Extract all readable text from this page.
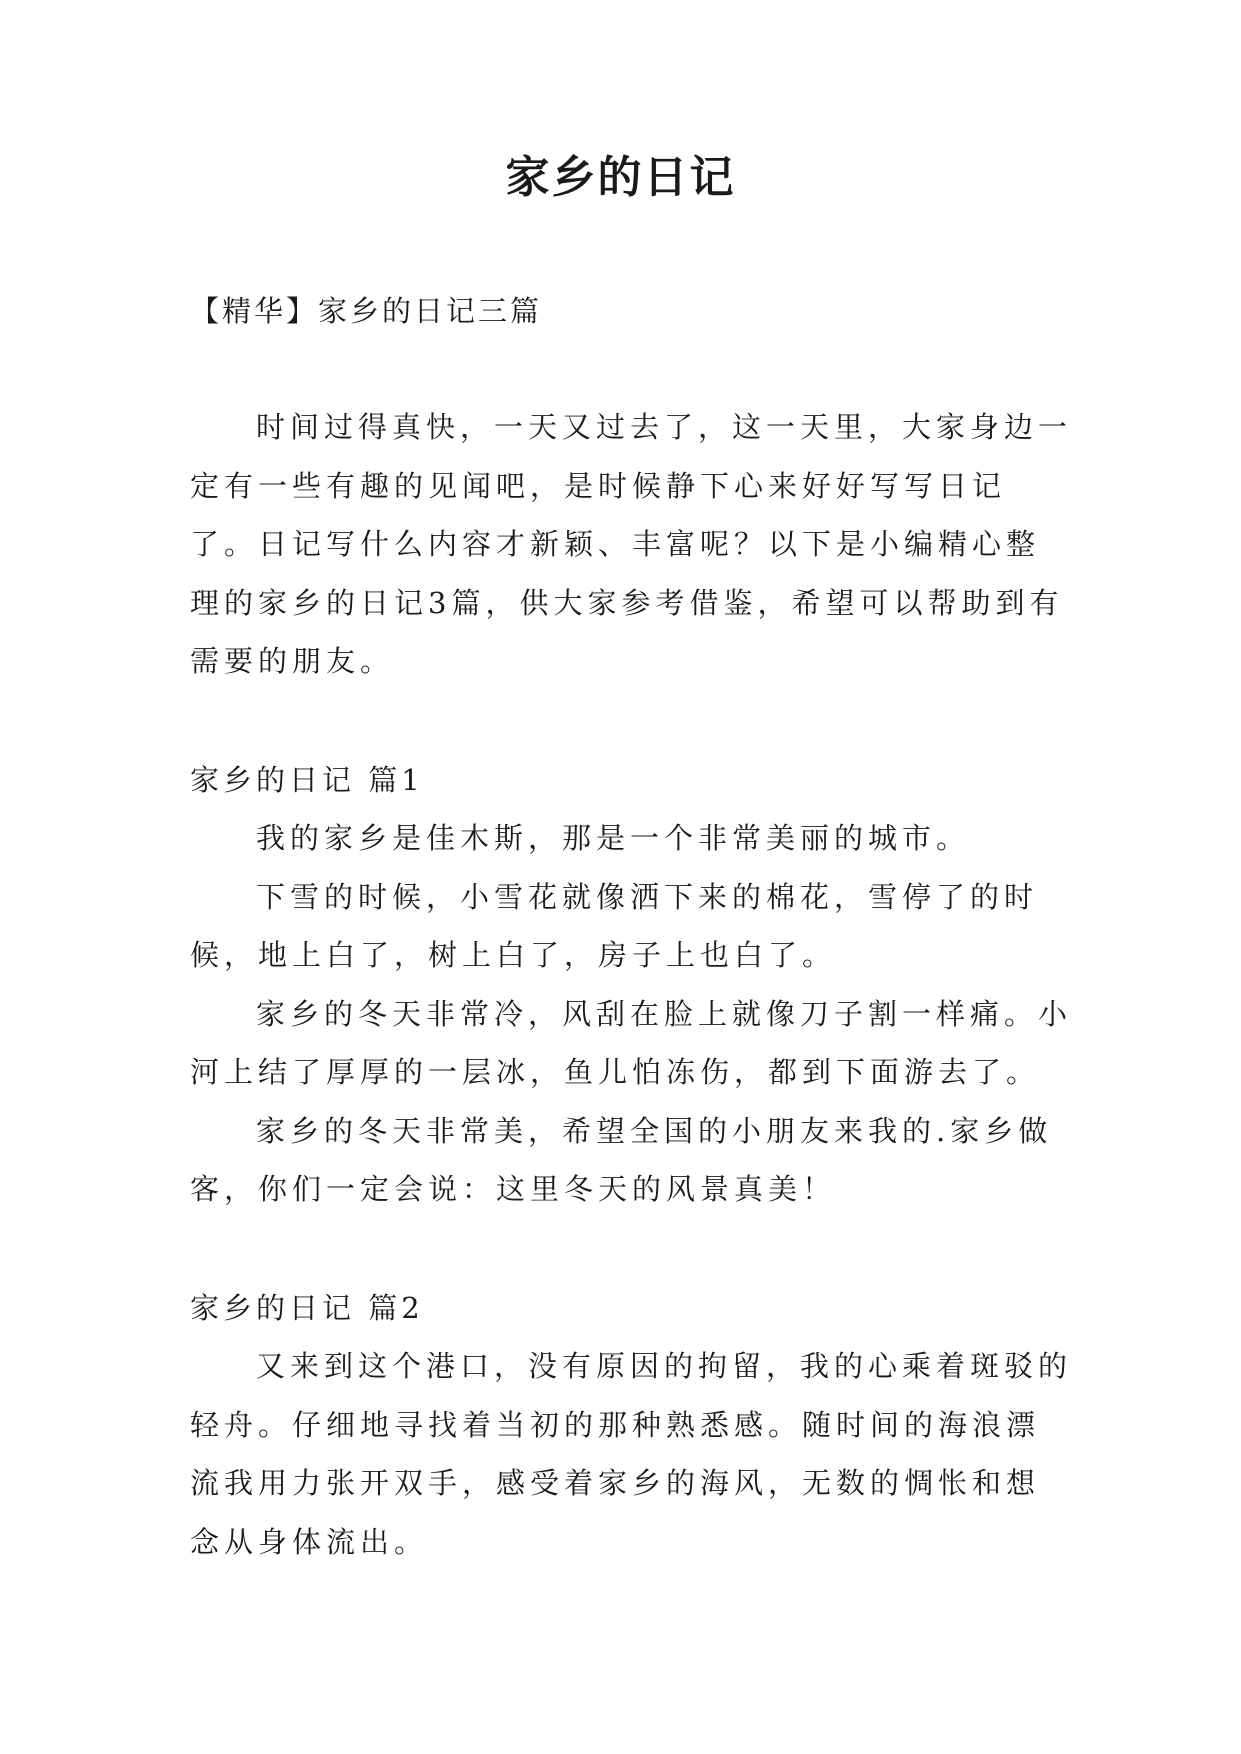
家乡的日记

【精华】家乡的日记三篇

时间过得真快，一天又过去了，这一天里，大家身边一定有一些有趣的见闻吧，是时候静下心来好好写写日记了。日记写什么内容才新颖、丰富呢？以下是小编精心整理的家乡的日记3篇，供大家参考借鉴，希望可以帮助到有需要的朋友。

家乡的日记 篇1

我的家乡是佳木斯，那是一个非常美丽的城市。

下雪的时候，小雪花就像洒下来的棉花，雪停了的时候，地上白了，树上白了，房子上也白了。

家乡的冬天非常冷，风刮在脸上就像刀子割一样痛。小河上结了厚厚的一层冰，鱼儿怕冻伤，都到下面游去了。

家乡的冬天非常美，希望全国的小朋友来我的.家乡做客，你们一定会说：这里冬天的风景真美！

家乡的日记 篇2

又来到这个港口，没有原因的拘留，我的心乘着斑驳的轻舟。仔细地寻找着当初的那种熟悉感。随时间的海浪漂流我用力张开双手，感受着家乡的海风，无数的惆怅和想念从身体流出。
